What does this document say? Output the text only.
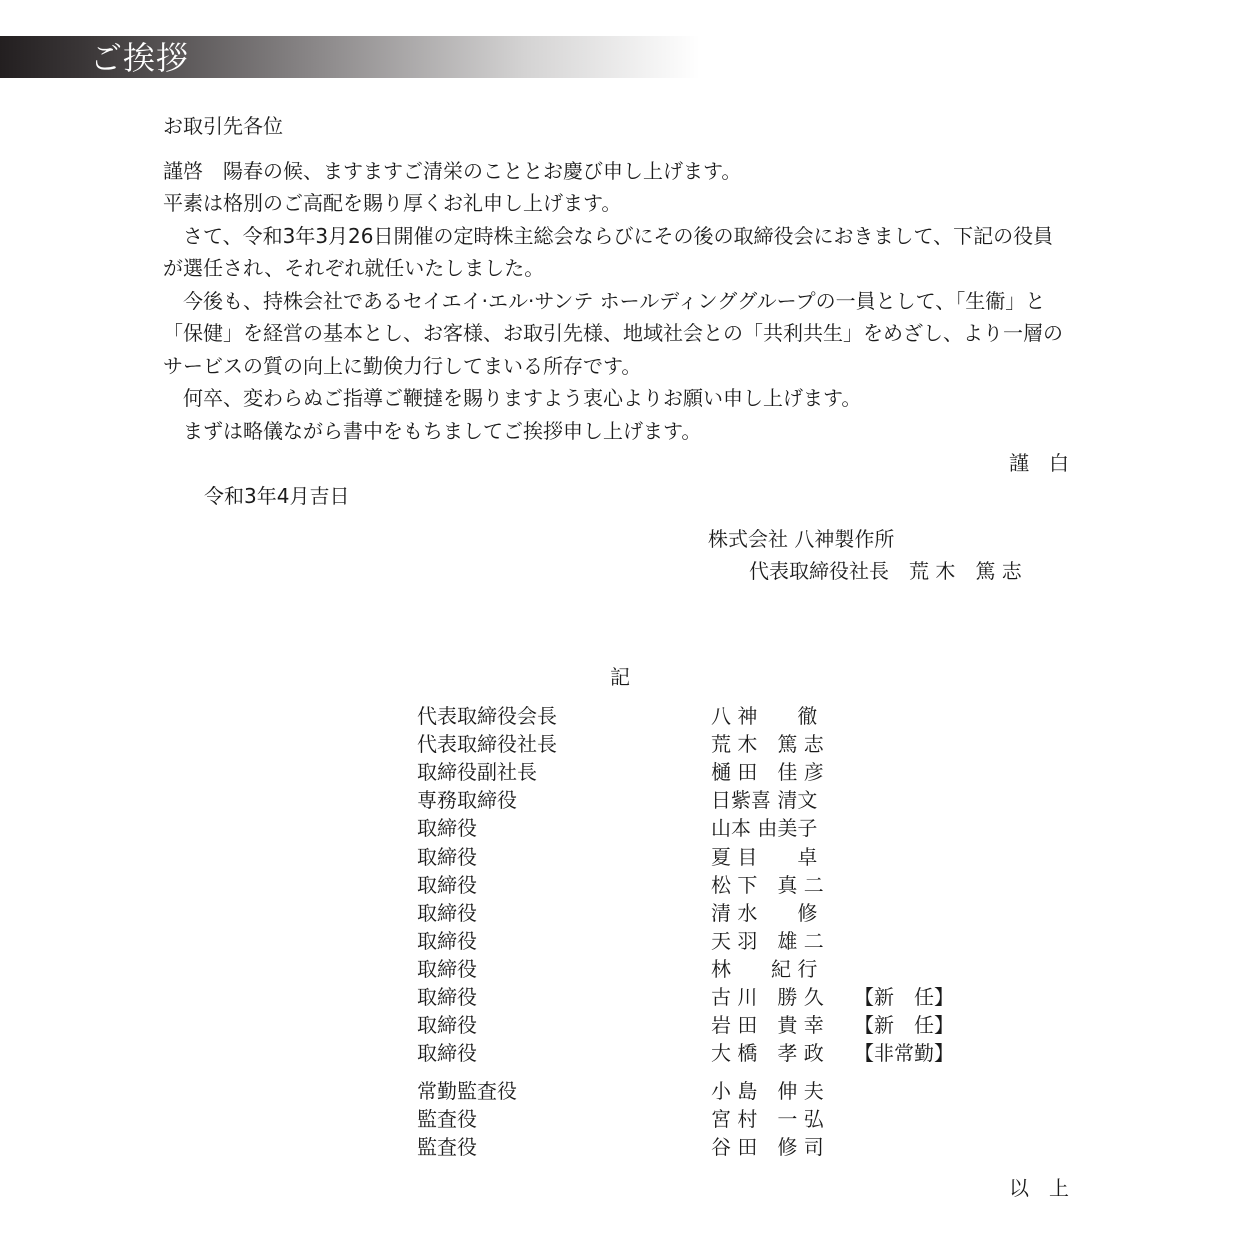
ご挨拶
お取引先各位
謹啓　陽春の候、ますますご清栄のこととお慶び申し上げます。
平素は格別のご高配を賜り厚くお礼申し上げます。
さて、令和3年3月26日開催の定時株主総会ならびにその後の取締役会におきまして、下記の役員
が選任され、それぞれ就任いたしました。
今後も、持株会社であるセイエイ·エル·サンテ ホールディンググループの一員として、「生衞」と
「保健」を経営の基本とし、お客様、お取引先様、地域社会との「共利共生」をめざし、より一層の
サービスの質の向上に勤倹力行してまいる所存です。
何卒、変わらぬご指導ご鞭撻を賜りますよう衷心よりお願い申し上げます。
まずは略儀ながら書中をもちましてご挨拶申し上げます。
謹　白
令和3年4月吉日
株式会社 八神製作所
代表取締役社長　荒 木　篤 志
記
代表取締役会長	八 神　　徹
代表取締役社長	荒 木　篤 志
取締役副社長	樋 田　佳 彦
専務取締役	日紫喜 清文
取締役	山本 由美子
取締役	夏 目　　卓
取締役	松 下　真 二
取締役	清 水　　修
取締役	天 羽　雄 二
取締役	林　　紀 行
取締役	古 川　勝 久 【新　任】
取締役	岩 田　貴 幸 【新　任】
取締役	大 橋　孝 政 【非常勤】
常勤監査役	小 島　伸 夫
監査役	宮 村　一 弘
監査役	谷 田　修 司
以　上
